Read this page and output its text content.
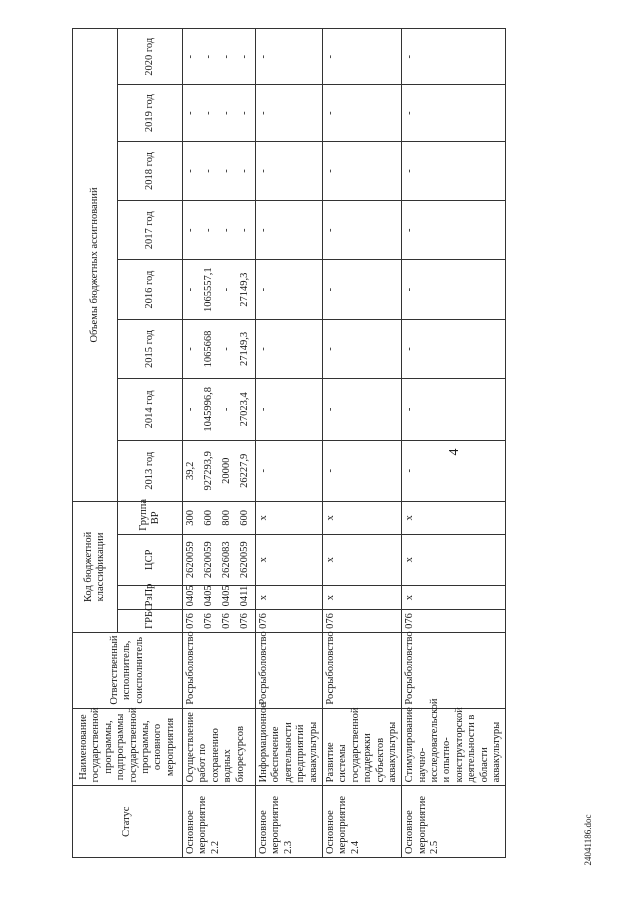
4
24041186.doc
Статус	Наименование государственной программы, подпрограммы государственной программы, основного мероприятия	Ответственный исполнитель, соисполнитель	Код бюджетной классификации				Объемы бюджетных ассигнований							
			ГРБС	РзПр	ЦСР	Группа ВР	2013 год	2014 год	2015 год	2016 год	2017 год	2018 год	2019 год	2020 год
Основное мероприятие 2.2	Осуществление работ по сохранению водных биоресурсов	Росрыболовство	076	0405	2620059	300	39,2	-	-	-	-	-	-	-
			076	0405	2620059	600	927293,9	1045996,8	1065668	1065557,1	-	-	-	-
			076	0405	2626083	800	20000	-	-	-	-	-	-	-
			076	0411	2620059	600	26227,9	27023,4	27149,3	27149,3	-	-	-	-
Основное мероприятие 2.3	Информационное обеспечение деятельности предприятий аквакультуры	Росрыболовство	076	х	х	х	-	-	-	-	-	-	-	-
Основное мероприятие 2.4	Развитие системы государственной поддержки субъектов аквакультуры	Росрыболовство	076	х	х	х	-	-	-	-	-	-	-	-
Основное мероприятие 2.5	Стимулирование научно-исследовательской и опытно-конструкторской деятельности в области аквакультуры	Росрыболовство	076	х	х	х	-	-	-	-	-	-	-	-
